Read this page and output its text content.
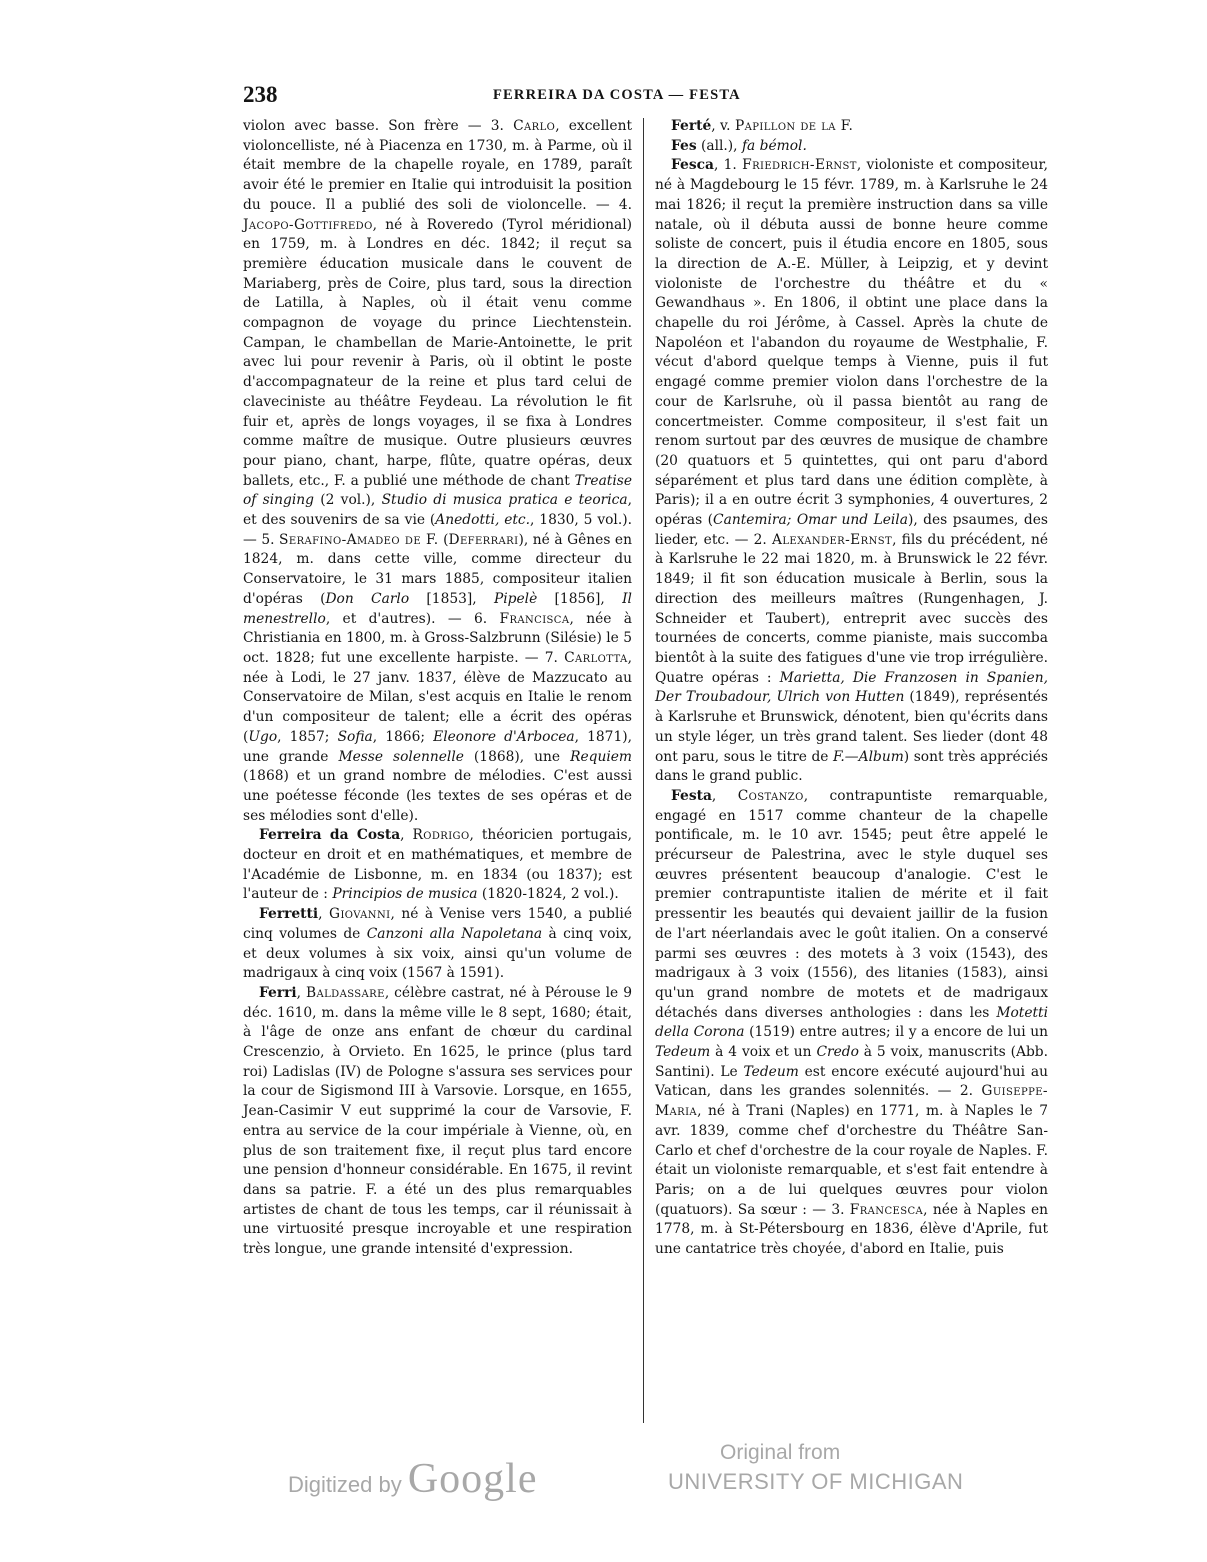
238	FERREIRA DA COSTA — FESTA

violon avec basse. Son frère — 3. Carlo, excellent violoncelliste, né à Piacenza en 1730, m. à Parme, où il était membre de la chapelle royale, en 1789, paraît avoir été le premier en Italie qui introduisit la position du pouce. Il a publié des soli de violoncelle. — 4. Jacopo-Gottifredo, né à Roveredo (Tyrol méridional) en 1759, m. à Londres en déc. 1842; il reçut sa première éducation musicale dans le couvent de Mariaberg, près de Coire, plus tard, sous la direction de Latilla, à Naples, où il était venu comme compagnon de voyage du prince Liechtenstein. Campan, le chambellan de Marie-Antoinette, le prit avec lui pour revenir à Paris, où il obtint le poste d'accompagnateur de la reine et plus tard celui de claveciniste au théâtre Feydeau. La révolution le fit fuir et, après de longs voyages, il se fixa à Londres comme maître de musique. Outre plusieurs œuvres pour piano, chant, harpe, flûte, quatre opéras, deux ballets, etc., F. a publié une méthode de chant Treatise of singing (2 vol.), Studio di musica pratica e teorica, et des souvenirs de sa vie (Anedotti, etc., 1830, 5 vol.). — 5. Serafino-Amadeo de F. (Deferrari), né à Gênes en 1824, m. dans cette ville, comme directeur du Conservatoire, le 31 mars 1885, compositeur italien d'opéras (Don Carlo [1853], Pipelè [1856], Il menestrello, et d'autres). — 6. Francisca, née à Christiania en 1800, m. à Gross-Salzbrunn (Silésie) le 5 oct. 1828; fut une excellente harpiste. — 7. Carlotta, née à Lodi, le 27 janv. 1837, élève de Mazzucato au Conservatoire de Milan, s'est acquis en Italie le renom d'un compositeur de talent; elle a écrit des opéras (Ugo, 1857; Sofia, 1866; Eleonore d'Arbocea, 1871), une grande Messe solennelle (1868), une Requiem (1868) et un grand nombre de mélodies. C'est aussi une poétesse féconde (les textes de ses opéras et de ses mélodies sont d'elle).

Ferreira da Costa, Rodrigo, théoricien portugais, docteur en droit et en mathématiques, et membre de l'Académie de Lisbonne, m. en 1834 (ou 1837); est l'auteur de : Principios de musica (1820-1824, 2 vol.).

Ferretti, Giovanni, né à Venise vers 1540, a publié cinq volumes de Canzoni alla Napoletana à cinq voix, et deux volumes à six voix, ainsi qu'un volume de madrigaux à cinq voix (1567 à 1591).

Ferri, Baldassare, célèbre castrat, né à Pérouse le 9 déc. 1610, m. dans la même ville le 8 sept, 1680; était, à l'âge de onze ans enfant de chœur du cardinal Crescenzio, à Orvieto. En 1625, le prince (plus tard roi) Ladislas (IV) de Pologne s'assura ses services pour la cour de Sigismond III à Varsovie. Lorsque, en 1655, Jean-Casimir V eut supprimé la cour de Varsovie, F. entra au service de la cour impériale à Vienne, où, en plus de son traitement fixe, il reçut plus tard encore une pension d'honneur considérable. En 1675, il revint dans sa patrie. F. a été un des plus remarquables artistes de chant de tous les temps, car il réunissait à une virtuosité presque incroyable et une respiration très longue, une grande intensité d'expression.

Ferté, v. Papillon de la F.

Fes (all.), fa bémol.

Fesca, 1. Friedrich-Ernst, violoniste et compositeur, né à Magdebourg le 15 févr. 1789, m. à Karlsruhe le 24 mai 1826; il reçut la première instruction dans sa ville natale, où il débuta aussi de bonne heure comme soliste de concert, puis il étudia encore en 1805, sous la direction de A.-E. Müller, à Leipzig, et y devint violoniste de l'orchestre du théâtre et du « Gewandhaus ». En 1806, il obtint une place dans la chapelle du roi Jérôme, à Cassel. Après la chute de Napoléon et l'abandon du royaume de Westphalie, F. vécut d'abord quelque temps à Vienne, puis il fut engagé comme premier violon dans l'orchestre de la cour de Karlsruhe, où il passa bientôt au rang de concertmeister. Comme compositeur, il s'est fait un renom surtout par des œuvres de musique de chambre (20 quatuors et 5 quintettes, qui ont paru d'abord séparément et plus tard dans une édition complète, à Paris); il a en outre écrit 3 symphonies, 4 ouvertures, 2 opéras (Cantemira; Omar und Leila), des psaumes, des lieder, etc. — 2. Alexander-Ernst, fils du précédent, né à Karlsruhe le 22 mai 1820, m. à Brunswick le 22 févr. 1849; il fit son éducation musicale à Berlin, sous la direction des meilleurs maîtres (Rungenhagen, J. Schneider et Taubert), entreprit avec succès des tournées de concerts, comme pianiste, mais succomba bientôt à la suite des fatigues d'une vie trop irrégulière. Quatre opéras : Marietta, Die Franzosen in Spanien, Der Troubadour, Ulrich von Hutten (1849), représentés à Karlsruhe et Brunswick, dénotent, bien qu'écrits dans un style léger, un très grand talent. Ses lieder (dont 48 ont paru, sous le titre de F.—Album) sont très appréciés dans le grand public.

Festa, Costanzo, contrapuntiste remarquable, engagé en 1517 comme chanteur de la chapelle pontificale, m. le 10 avr. 1545; peut être appelé le précurseur de Palestrina, avec le style duquel ses œuvres présentent beaucoup d'analogie. C'est le premier contrapuntiste italien de mérite et il fait pressentir les beautés qui devaient jaillir de la fusion de l'art néerlandais avec le goût italien. On a conservé parmi ses œuvres : des motets à 3 voix (1543), des madrigaux à 3 voix (1556), des litanies (1583), ainsi qu'un grand nombre de motets et de madrigaux détachés dans diverses anthologies : dans les Motetti della Corona (1519) entre autres; il y a encore de lui un Tedeum à 4 voix et un Credo à 5 voix, manuscrits (Abb. Santini). Le Tedeum est encore exécuté aujourd'hui au Vatican, dans les grandes solennités. — 2. Guiseppe-Maria, né à Trani (Naples) en 1771, m. à Naples le 7 avr. 1839, comme chef d'orchestre du Théâtre San-Carlo et chef d'orchestre de la cour royale de Naples. F. était un violoniste remarquable, et s'est fait entendre à Paris; on a de lui quelques œuvres pour violon (quatuors). Sa sœur : — 3. Francesca, née à Naples en 1778, m. à St-Pétersbourg en 1836, élève d'Aprile, fut une cantatrice très choyée, d'abord en Italie, puis

Digitized by Google
Original from
UNIVERSITY OF MICHIGAN
